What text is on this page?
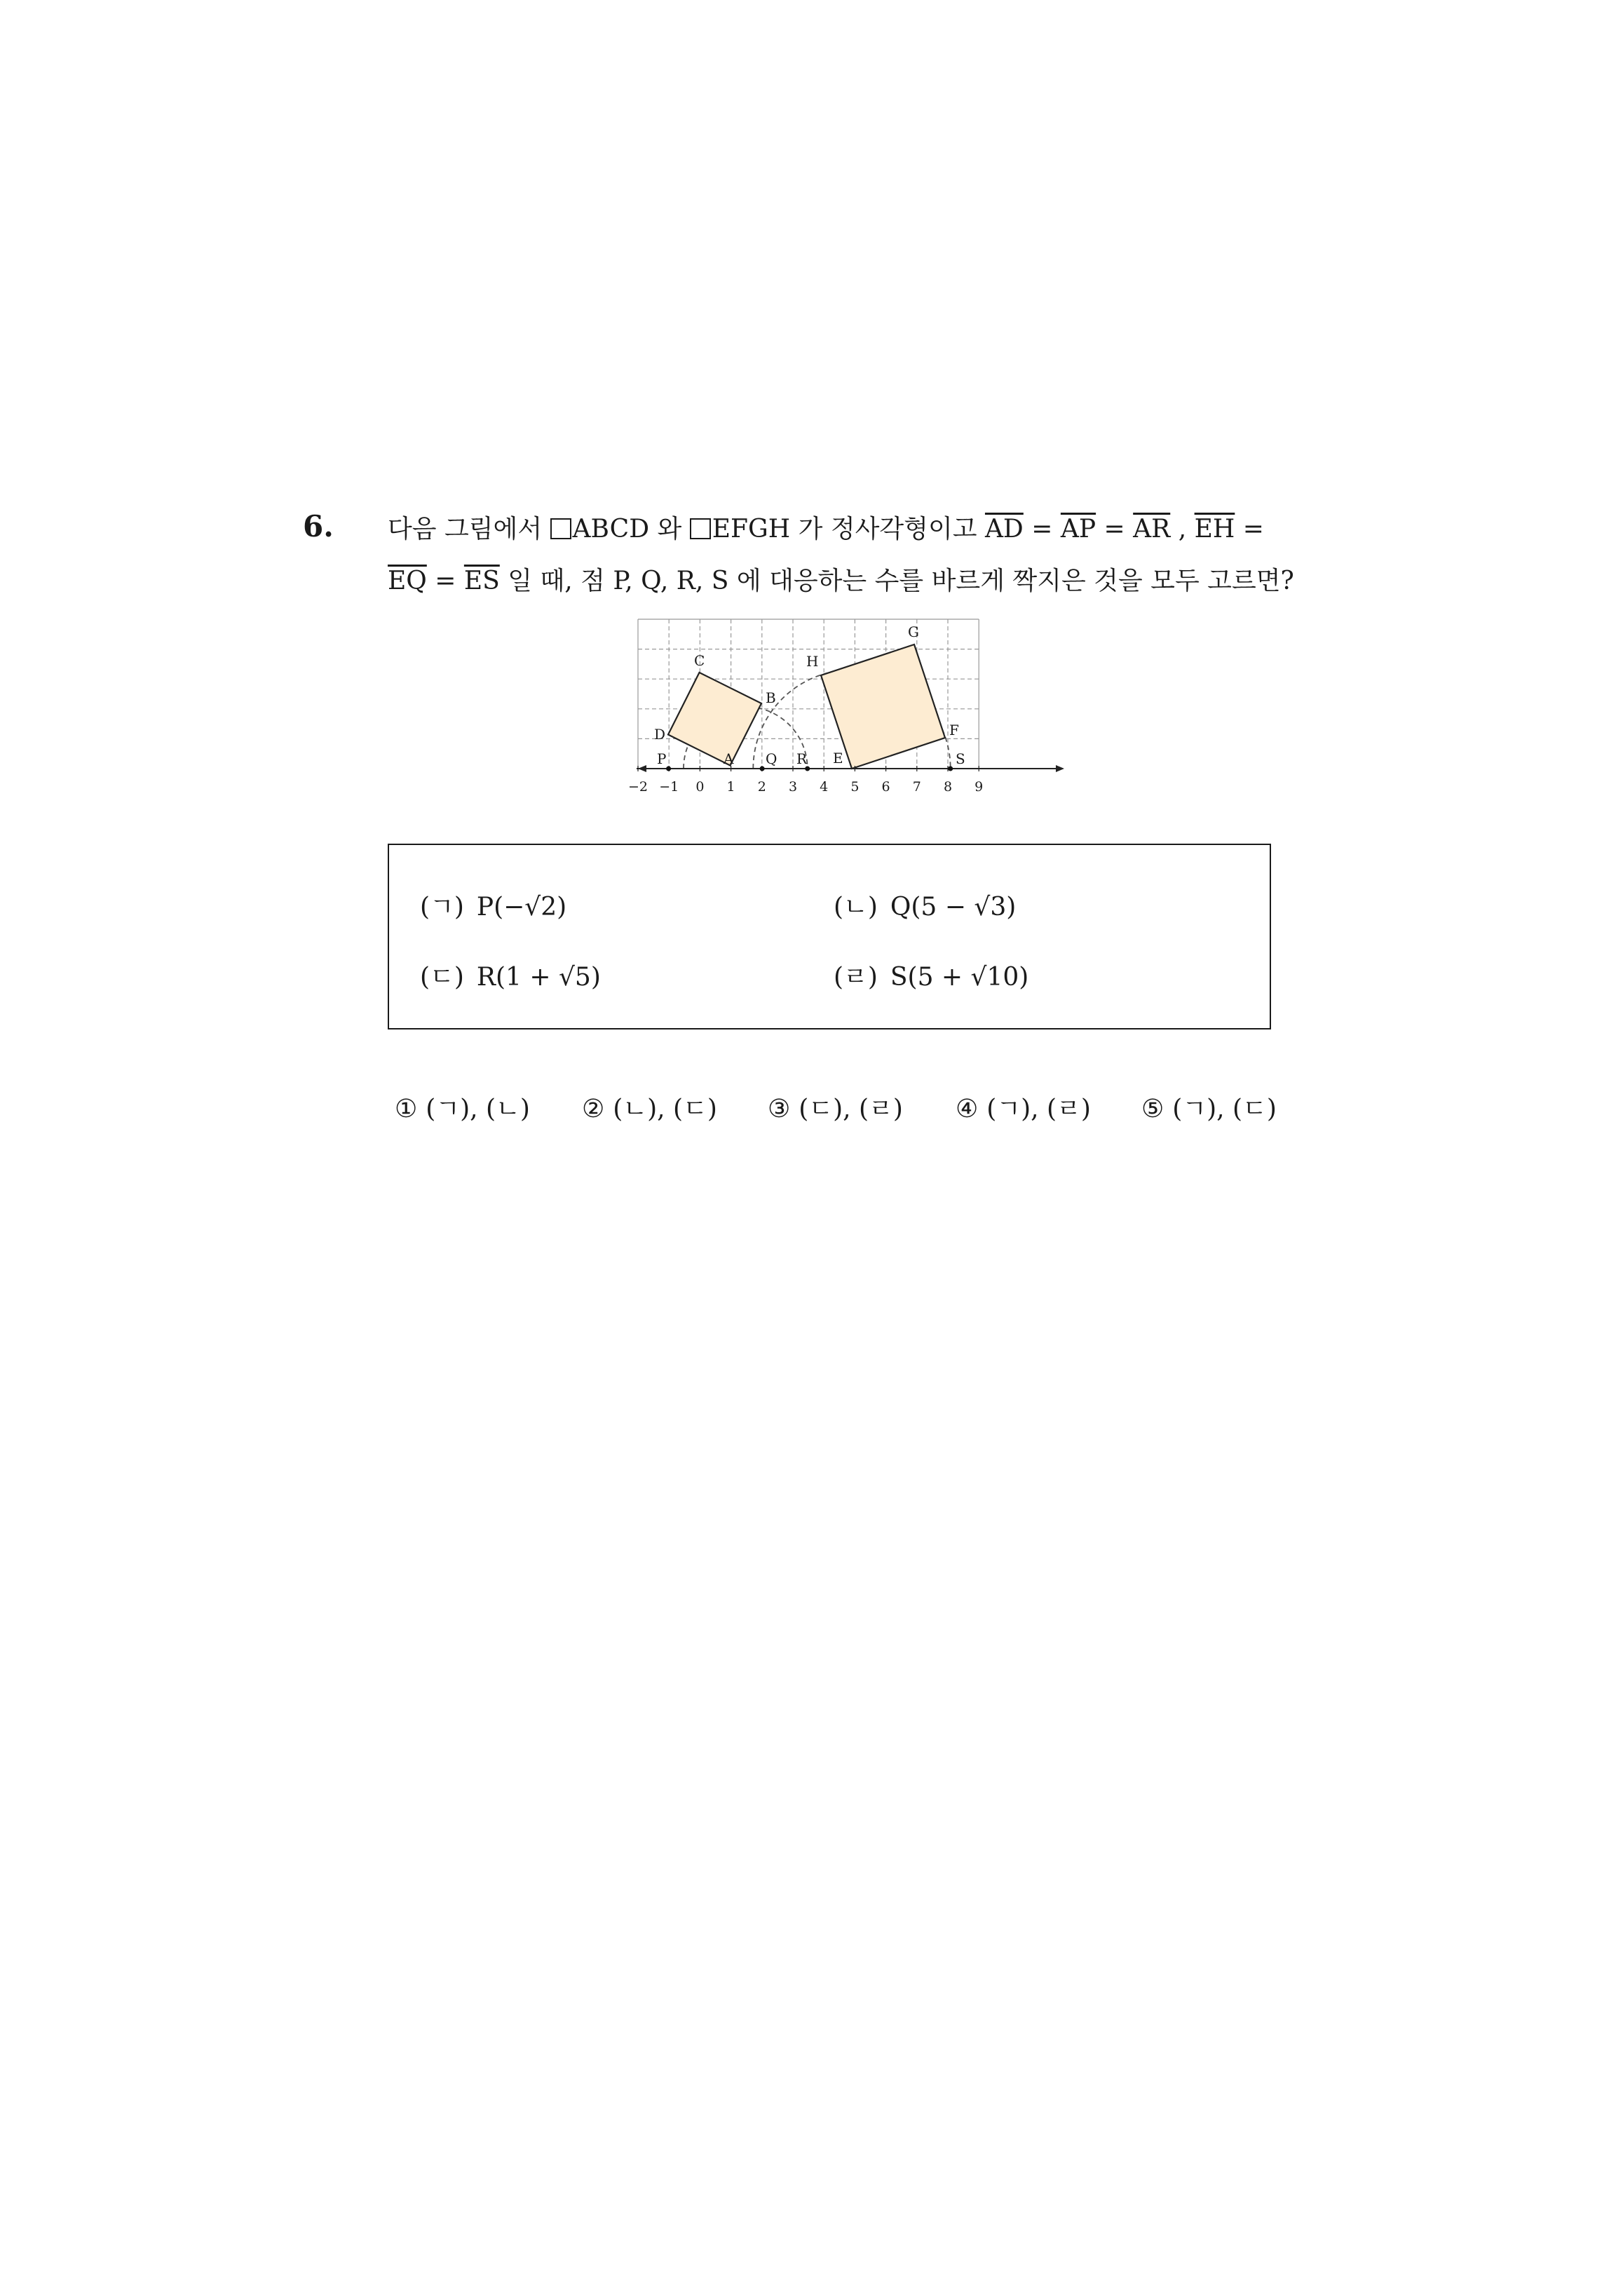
6. 다음 그림에서 ABCD 와 EFGH 가 정사각형이고 $\overline{AD} = \overline{AP} = \overline{AR}$ , $\overline{EH}$ =
$\overline{EQ} = \overline{ES}$ 일 때, 점 P, Q, R, S 에 대응하는 수를 바르게 짝지은 것을 모두 고르면?
−2 −1 0 1 2 3 4 5 6 7 8 9
C
B
D
A
P	Q R
H
G
F
E	S
(ㄱ) P(−√2)	(ㄴ) Q(5 − √3)
(ㄷ) R(1 + √5)	(ㄹ) S(5 + √10)
① (ㄱ), (ㄴ) ② (ㄴ), (ㄷ) ③ (ㄷ), (ㄹ) ④ (ㄱ), (ㄹ) ⑤ (ㄱ), (ㄷ)
